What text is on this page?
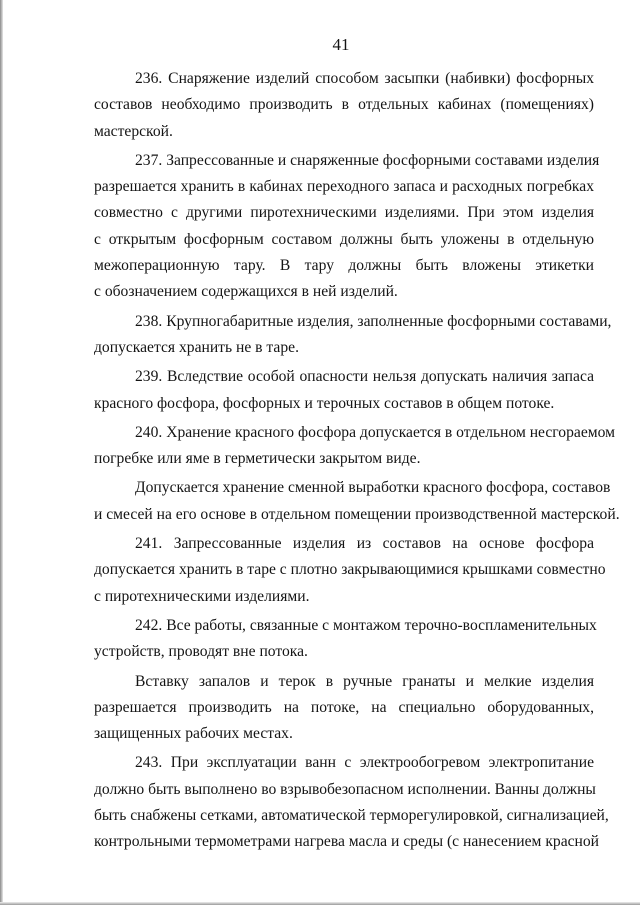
41

236. Снаряжение изделий способом засыпки (набивки) фосфорных
составов необходимо производить в отдельных кабинах (помещениях)
мастерской.

237. Запрессованные и снаряженные фосфорными составами изделия
разрешается хранить в кабинах переходного запаса и расходных погребках
совместно с другими пиротехническими изделиями. При этом изделия
с открытым фосфорным составом должны быть уложены в отдельную
межоперационную тару. В тару должны быть вложены этикетки
с обозначением содержащихся в ней изделий.

238. Крупногабаритные изделия, заполненные фосфорными составами,
допускается хранить не в таре.

239. Вследствие особой опасности нельзя допускать наличия запаса
красного фосфора, фосфорных и терочных составов в общем потоке.

240. Хранение красного фосфора допускается в отдельном несгораемом
погребке или яме в герметически закрытом виде.

Допускается хранение сменной выработки красного фосфора, составов
и смесей на его основе в отдельном помещении производственной мастерской.

241. Запрессованные изделия из составов на основе фосфора
допускается хранить в таре с плотно закрывающимися крышками совместно
с пиротехническими изделиями.

242. Все работы, связанные с монтажом терочно-воспламенительных
устройств, проводят вне потока.

Вставку запалов и терок в ручные гранаты и мелкие изделия
разрешается производить на потоке, на специально оборудованных,
защищенных рабочих местах.

243. При эксплуатации ванн с электрообогревом электропитание
должно быть выполнено во взрывобезопасном исполнении. Ванны должны
быть снабжены сетками, автоматической терморегулировкой, сигнализацией,
контрольными термометрами нагрева масла и среды (с нанесением красной
